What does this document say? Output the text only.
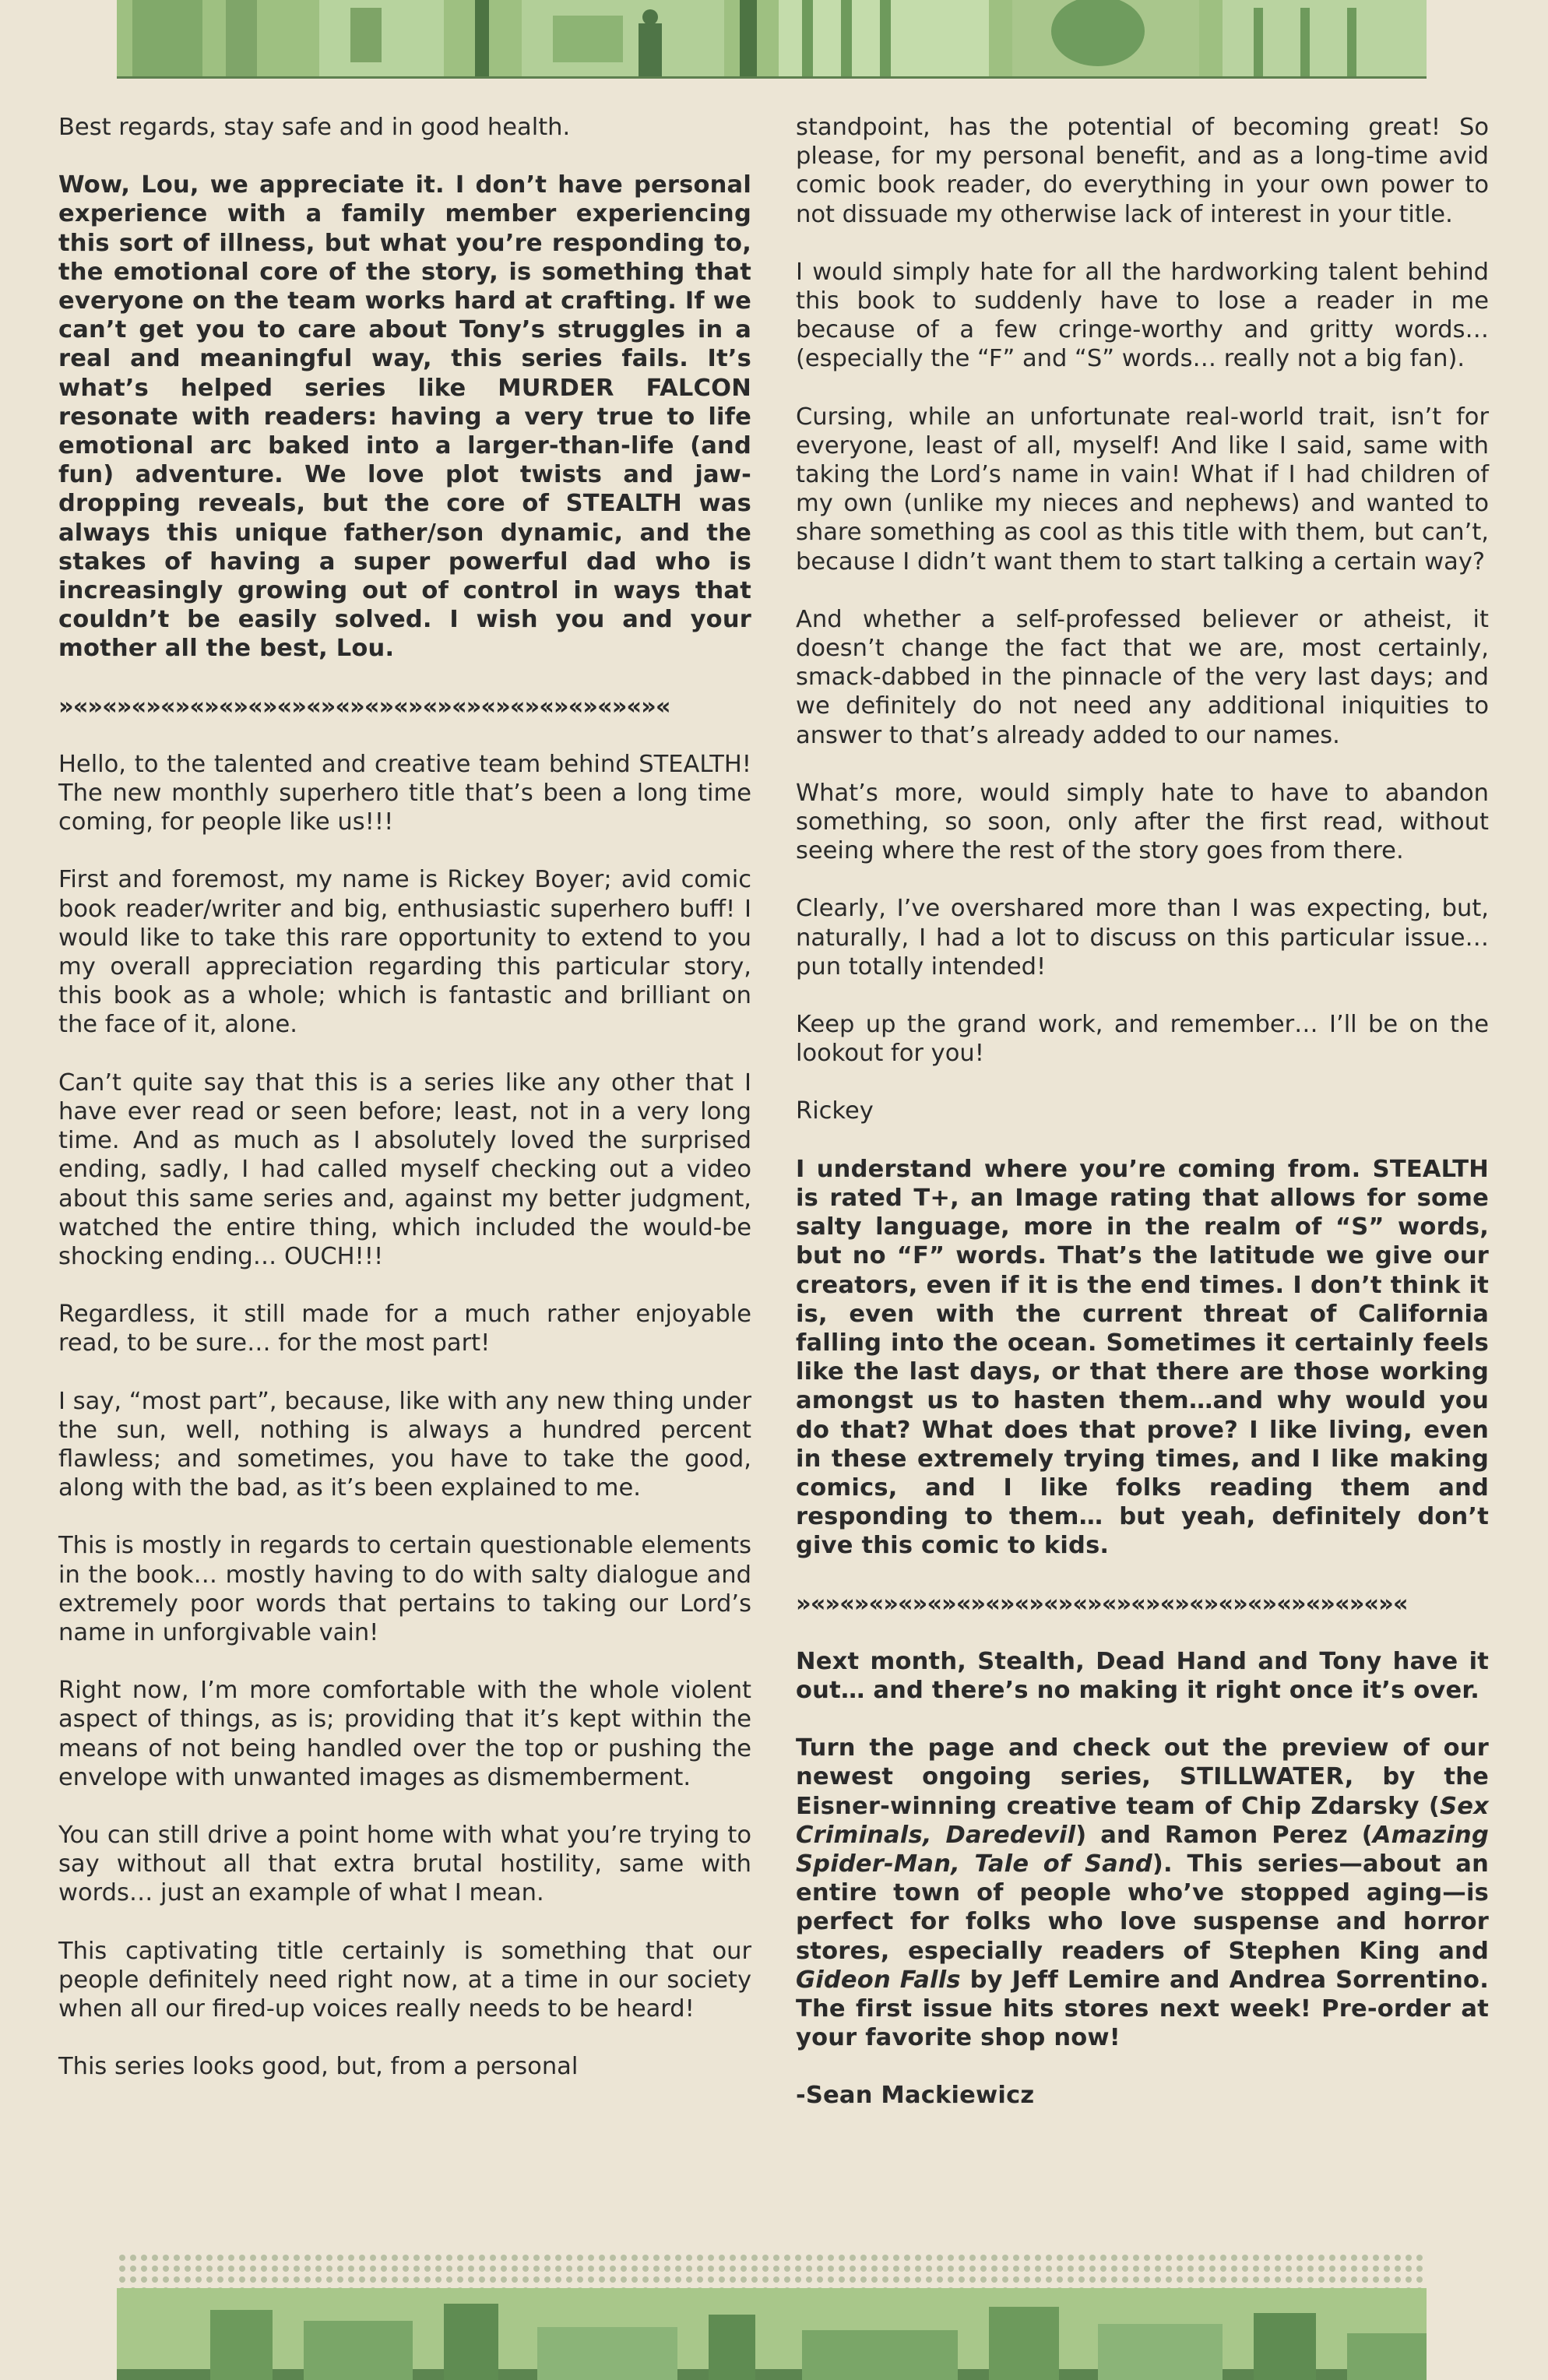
Best regards, stay safe and in good health.

Wow, Lou, we appreciate it. I don’t have personal experience with a family member experiencing this sort of illness, but what you’re responding to, the emotional core of the story, is something that everyone on the team works hard at crafting. If we can’t get you to care about Tony’s struggles in a real and meaningful way, this series fails. It’s what’s helped series like MURDER FALCON resonate with readers: having a very true to life emotional arc baked into a larger-than-life (and fun) adventure. We love plot twists and jaw-dropping reveals, but the core of STEALTH was always this unique father/son dynamic, and the stakes of having a super powerful dad who is increasingly growing out of control in ways that couldn’t be easily solved. I wish you and your mother all the best, Lou.

»«»«»«»«»«»«»«»«»«»«»«»«»«»«»«»«»«»«»«»«»«

Hello, to the talented and creative team behind STEALTH! The new monthly superhero title that’s been a long time coming, for people like us!!!

First and foremost, my name is Rickey Boyer; avid comic book reader/writer and big, enthusiastic superhero buff! I would like to take this rare opportunity to extend to you my overall appreciation regarding this particular story, this book as a whole; which is fantastic and brilliant on the face of it, alone.

Can’t quite say that this is a series like any other that I have ever read or seen before; least, not in a very long time. And as much as I absolutely loved the surprised ending, sadly, I had called myself checking out a video about this same series and, against my better judgment, watched the entire thing, which included the would-be shocking ending… OUCH!!!

Regardless, it still made for a much rather enjoyable read, to be sure… for the most part!

I say, “most part”, because, like with any new thing under the sun, well, nothing is always a hundred percent flawless; and sometimes, you have to take the good, along with the bad, as it’s been explained to me.

This is mostly in regards to certain questionable elements in the book… mostly having to do with salty dialogue and extremely poor words that pertains to taking our Lord’s name in unforgivable vain!

Right now, I’m more comfortable with the whole violent aspect of things, as is; providing that it’s kept within the means of not being handled over the top or pushing the envelope with unwanted images as dismemberment.

You can still drive a point home with what you’re trying to say without all that extra brutal hostility, same with words… just an example of what I mean.

This captivating title certainly is something that our people definitely need right now, at a time in our society when all our fired-up voices really needs to be heard!

This series looks good, but, from a personal

standpoint, has the potential of becoming great! So please, for my personal benefit, and as a long-time avid comic book reader, do everything in your own power to not dissuade my otherwise lack of interest in your title.

I would simply hate for all the hardworking talent behind this book to suddenly have to lose a reader in me because of a few cringe-worthy and gritty words… (especially the “F” and “S” words… really not a big fan).

Cursing, while an unfortunate real-world trait, isn’t for everyone, least of all, myself! And like I said, same with taking the Lord’s name in vain! What if I had children of my own (unlike my nieces and nephews) and wanted to share something as cool as this title with them, but can’t, because I didn’t want them to start talking a certain way?

And whether a self-professed believer or atheist, it doesn’t change the fact that we are, most certainly, smack-dabbed in the pinnacle of the very last days; and we definitely do not need any additional iniquities to answer to that’s already added to our names.

What’s more, would simply hate to have to abandon something, so soon, only after the first read, without seeing where the rest of the story goes from there.

Clearly, I’ve overshared more than I was expecting, but, naturally, I had a lot to discuss on this particular issue… pun totally intended!

Keep up the grand work, and remember… I’ll be on the lookout for you!

Rickey

I understand where you’re coming from. STEALTH is rated T+, an Image rating that allows for some salty language, more in the realm of “S” words, but no “F” words. That’s the latitude we give our creators, even if it is the end times. I don’t think it is, even with the current threat of California falling into the ocean. Sometimes it certainly feels like the last days, or that there are those working amongst us to hasten them…and why would you do that? What does that prove? I like living, even in these extremely trying times, and I like making comics, and I like folks reading them and responding to them… but yeah, definitely don’t give this comic to kids.

»«»«»«»«»«»«»«»«»«»«»«»«»«»«»«»«»«»«»«»«»«

Next month, Stealth, Dead Hand and Tony have it out… and there’s no making it right once it’s over.

Turn the page and check out the preview of our newest ongoing series, STILLWATER, by the Eisner-winning creative team of Chip Zdarsky (Sex Criminals, Daredevil) and Ramon Perez (Amazing Spider-Man, Tale of Sand). This series—about an entire town of people who’ve stopped aging—is perfect for folks who love suspense and horror stores, especially readers of Stephen King and Gideon Falls by Jeff Lemire and Andrea Sorrentino. The first issue hits stores next week! Pre-order at your favorite shop now!

-Sean Mackiewicz
